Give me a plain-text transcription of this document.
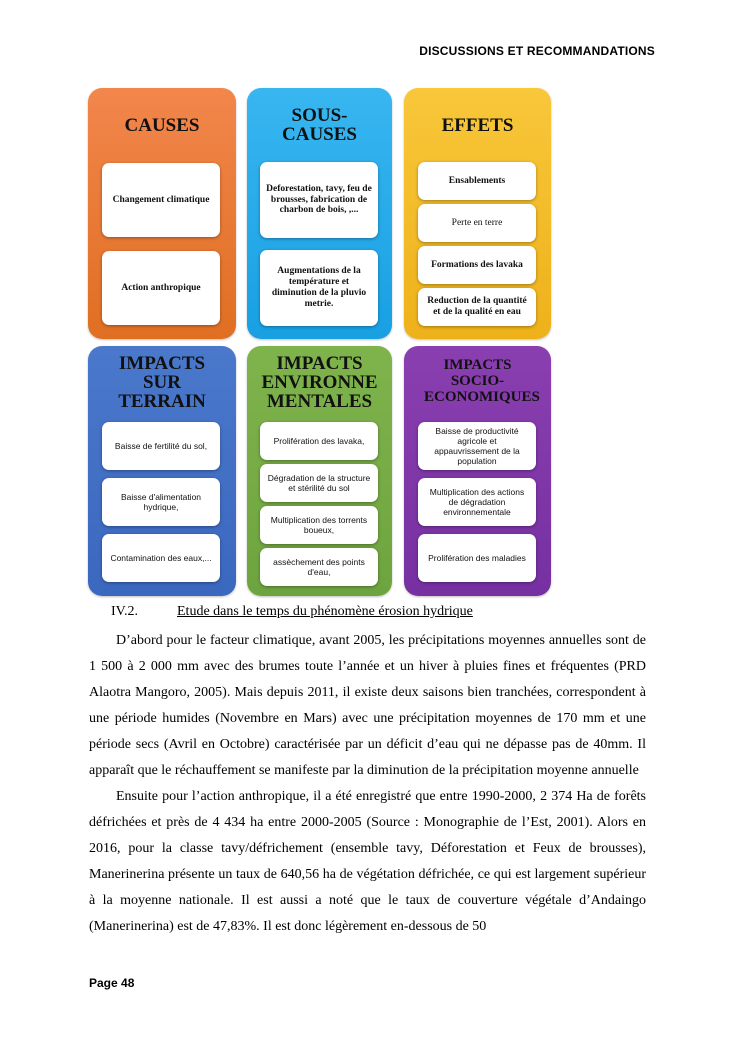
DISCUSSIONS ET RECOMMANDATIONS
CAUSES
Changement climatique
Action anthropique
SOUS-CAUSES
Deforestation, tavy, feu de brousses, fabrication de charbon de bois, ,...
Augmentations de la température et diminution de la pluvio metrie.
EFFETS
Ensablements
Perte en terre
Formations des lavaka
Reduction de la quantité et de la qualité en eau
IMPACTS SUR TERRAIN
Baisse de fertilité du sol,
Baisse d'alimentation hydrique,
Contamination des eaux,...
IMPACTS ENVIRONNE MENTALES
Prolifération des lavaka,
Dégradation de la structure et stérilité du sol
Multiplication des torrents boueux,
assèchement des points d'eau,
IMPACTS SOCIO-ECONOMIQUES
Baisse de productivité agricole et appauvrissement de la population
Multiplication des actions de dégradation environnementale
Prolifération des maladies
IV.2.	Etude dans le temps du phénomène érosion hydrique

D’abord pour le facteur climatique, avant 2005, les précipitations moyennes annuelles sont de 1 500 à 2 000 mm avec des brumes toute l’année et un hiver à pluies fines et fréquentes (PRD Alaotra Mangoro, 2005). Mais depuis 2011, il existe deux saisons bien tranchées, correspondent à une période humides (Novembre en Mars) avec une précipitation moyennes de 170 mm et une période secs (Avril en Octobre) caractérisée par un déficit d’eau qui ne dépasse pas de 40mm. Il apparaît que le réchauffement se manifeste par la diminution de la précipitation moyenne annuelle

Ensuite pour l’action anthropique, il a été enregistré que entre 1990-2000, 2 374 Ha de forêts défrichées et près de 4 434 ha entre 2000-2005 (Source : Monographie de l’Est, 2001). Alors en 2016, pour la classe tavy/défrichement (ensemble tavy, Déforestation et Feux de brousses), Manerinerina présente un taux de 640,56 ha de végétation défrichée, ce qui est largement supérieur à la moyenne nationale. Il est aussi a noté que le taux de couverture végétale d’Andaingo (Manerinerina) est de 47,83%. Il est donc légèrement en-dessous de 50

Page 48
